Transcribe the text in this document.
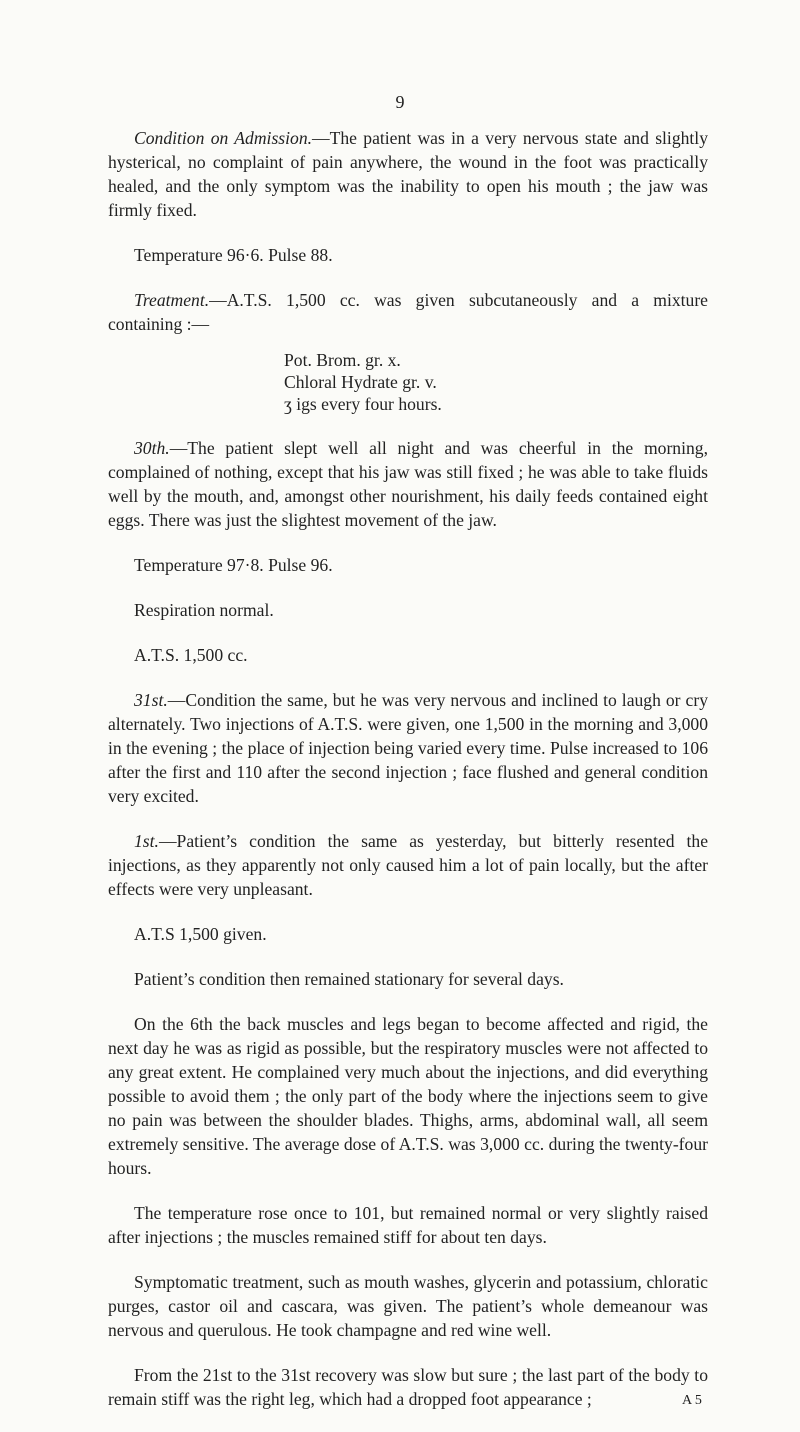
9

Condition on Admission.—The patient was in a very nervous state and slightly hysterical, no complaint of pain anywhere, the wound in the foot was practically healed, and the only symptom was the inability to open his mouth ; the jaw was firmly fixed.

Temperature 96·6. Pulse 88.

Treatment.—A.T.S. 1,500 cc. was given subcutaneously and a mixture containing :—

Pot. Brom. gr. x.
Chloral Hydrate gr. v.
ʒ igs every four hours.

30th.—The patient slept well all night and was cheerful in the morning, complained of nothing, except that his jaw was still fixed ; he was able to take fluids well by the mouth, and, amongst other nourishment, his daily feeds contained eight eggs. There was just the slightest movement of the jaw.

Temperature 97·8. Pulse 96.

Respiration normal.

A.T.S. 1,500 cc.

31st.—Condition the same, but he was very nervous and inclined to laugh or cry alternately. Two injections of A.T.S. were given, one 1,500 in the morning and 3,000 in the evening ; the place of injection being varied every time. Pulse increased to 106 after the first and 110 after the second injection ; face flushed and general condition very excited.

1st.—Patient’s condition the same as yesterday, but bitterly resented the injections, as they apparently not only caused him a lot of pain locally, but the after effects were very unpleasant.

A.T.S 1,500 given.

Patient’s condition then remained stationary for several days.

On the 6th the back muscles and legs began to become affected and rigid, the next day he was as rigid as possible, but the respiratory muscles were not affected to any great extent. He complained very much about the injections, and did everything possible to avoid them ; the only part of the body where the injections seem to give no pain was between the shoulder blades. Thighs, arms, abdominal wall, all seem extremely sensitive. The average dose of A.T.S. was 3,000 cc. during the twenty-four hours.

The temperature rose once to 101, but remained normal or very slightly raised after injections ; the muscles remained stiff for about ten days.

Symptomatic treatment, such as mouth washes, glycerin and potassium, chloratic purges, castor oil and cascara, was given. The patient’s whole demeanour was nervous and querulous. He took champagne and red wine well.

From the 21st to the 31st recovery was slow but sure ; the last part of the body to remain stiff was the right leg, which had a dropped foot appearance ;	A 5
